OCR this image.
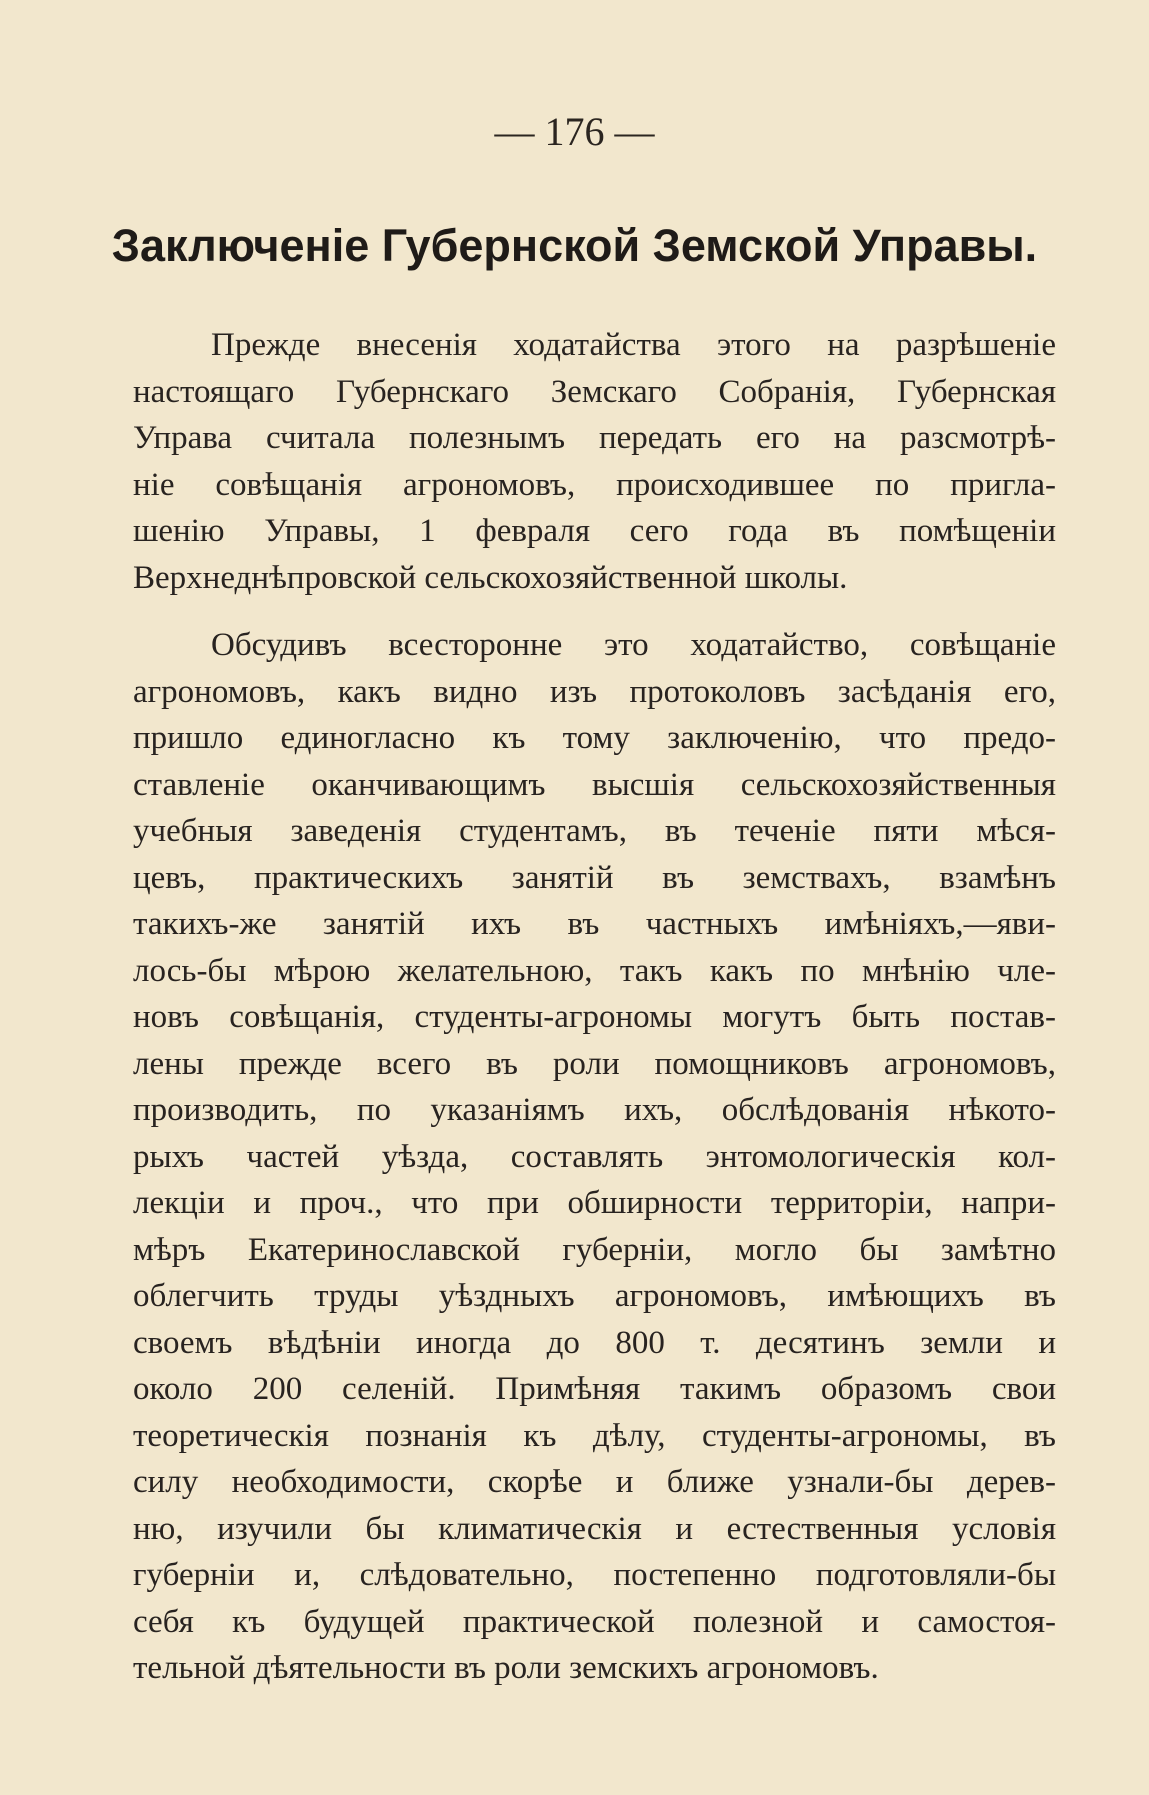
— 176 —
Заключенie Губернской Земской Управы.
Прежде внесенiя ходатайства этого на разрѣшенiе
настоящаго Губернскаго Земскаго Собранiя, Губернская
Управа считала полезнымъ передать его на разсмотрѣ-
нiе совѣщанiя агрономовъ, происходившее по пригла-
шенiю Управы, 1 февраля сего года въ помѣщенiи
Верхнеднѣпровской сельскохозяйственной школы.
Обсудивъ всесторонне это ходатайство, совѣщанiе
агрономовъ, какъ видно изъ протоколовъ засѣданiя его,
пришло единогласно къ тому заключенiю, что предо-
ставленiе оканчивающимъ высшiя сельскохозяйственныя
учебныя заведенiя студентамъ, въ теченiе пяти мѣся-
цевъ, практическихъ занятiй въ земствахъ, взамѣнъ
такихъ-же занятiй ихъ въ частныхъ имѣнiяхъ,—яви-
лось-бы мѣрою желательною, такъ какъ по мнѣнiю чле-
новъ совѣщанiя, студенты-агрономы могутъ быть постав-
лены прежде всего въ роли помощниковъ агрономовъ,
производить, по указанiямъ ихъ, обслѣдованiя нѣкото-
рыхъ частей уѣзда, составлять энтомологическiя кол-
лекцiи и проч., что при обширности территорiи, напри-
мѣръ Екатеринославской губернiи, могло бы замѣтно
облегчить труды уѣздныхъ агрономовъ, имѣющихъ въ
своемъ вѣдѣнiи иногда до 800 т. десятинъ земли и
около 200 селенiй. Примѣняя такимъ образомъ свои
теоретическiя познанiя къ дѣлу, студенты-агрономы, въ
силу необходимости, скорѣе и ближе узнали-бы дерев-
ню, изучили бы климатическiя и естественныя условiя
губернiи и, слѣдовательно, постепенно подготовляли-бы
себя къ будущей практической полезной и самостоя-
тельной дѣятельности въ роли земскихъ агрономовъ.
